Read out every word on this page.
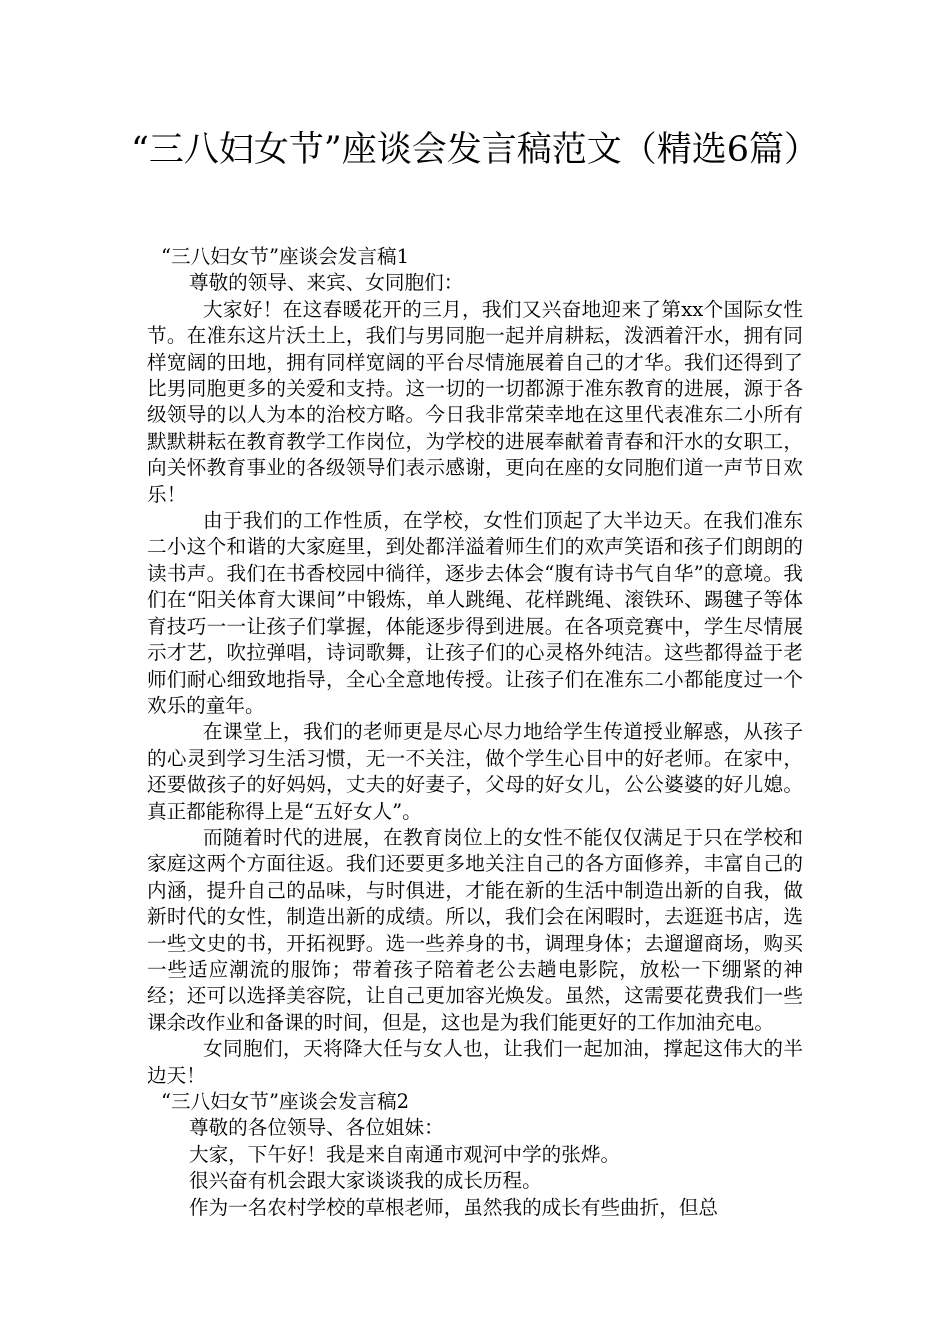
“三八妇女节”座谈会发言稿范文（精选6篇）

“三八妇女节”座谈会发言稿1

尊敬的领导、来宾、女同胞们：

大家好！在这春暖花开的三月，我们又兴奋地迎来了第xx个国际女性节。在准东这片沃土上，我们与男同胞一起并肩耕耘，泼洒着汗水，拥有同样宽阔的田地，拥有同样宽阔的平台尽情施展着自己的才华。我们还得到了比男同胞更多的关爱和支持。这一切的一切都源于准东教育的进展，源于各级领导的以人为本的治校方略。今日我非常荣幸地在这里代表准东二小所有默默耕耘在教育教学工作岗位，为学校的进展奉献着青春和汗水的女职工，向关怀教育事业的各级领导们表示感谢，更向在座的女同胞们道一声节日欢乐！

由于我们的工作性质，在学校，女性们顶起了大半边天。在我们准东二小这个和谐的大家庭里，到处都洋溢着师生们的欢声笑语和孩子们朗朗的读书声。我们在书香校园中徜徉，逐步去体会“腹有诗书气自华”的意境。我们在“阳关体育大课间”中锻炼，单人跳绳、花样跳绳、滚铁环、踢毽子等体育技巧一一让孩子们掌握，体能逐步得到进展。在各项竞赛中，学生尽情展示才艺，吹拉弹唱，诗词歌舞，让孩子们的心灵格外纯洁。这些都得益于老师们耐心细致地指导，全心全意地传授。让孩子们在准东二小都能度过一个欢乐的童年。

在课堂上，我们的老师更是尽心尽力地给学生传道授业解惑，从孩子的心灵到学习生活习惯，无一不关注，做个学生心目中的好老师。在家中，还要做孩子的好妈妈，丈夫的好妻子，父母的好女儿，公公婆婆的好儿媳。真正都能称得上是“五好女人”。

而随着时代的进展，在教育岗位上的女性不能仅仅满足于只在学校和家庭这两个方面往返。我们还要更多地关注自己的各方面修养，丰富自己的内涵，提升自己的品味，与时俱进，才能在新的生活中制造出新的自我，做新时代的女性，制造出新的成绩。所以，我们会在闲暇时，去逛逛书店，选一些文史的书，开拓视野。选一些养身的书，调理身体；去遛遛商场，购买一些适应潮流的服饰；带着孩子陪着老公去趟电影院，放松一下绷紧的神经；还可以选择美容院，让自己更加容光焕发。虽然，这需要花费我们一些课余改作业和备课的时间，但是，这也是为我们能更好的工作加油充电。

女同胞们，天将降大任与女人也，让我们一起加油，撑起这伟大的半边天！

“三八妇女节”座谈会发言稿2

尊敬的各位领导、各位姐妹：

大家，下午好！我是来自南通市观河中学的张烨。

很兴奋有机会跟大家谈谈我的成长历程。

作为一名农村学校的草根老师，虽然我的成长有些曲折，但总
